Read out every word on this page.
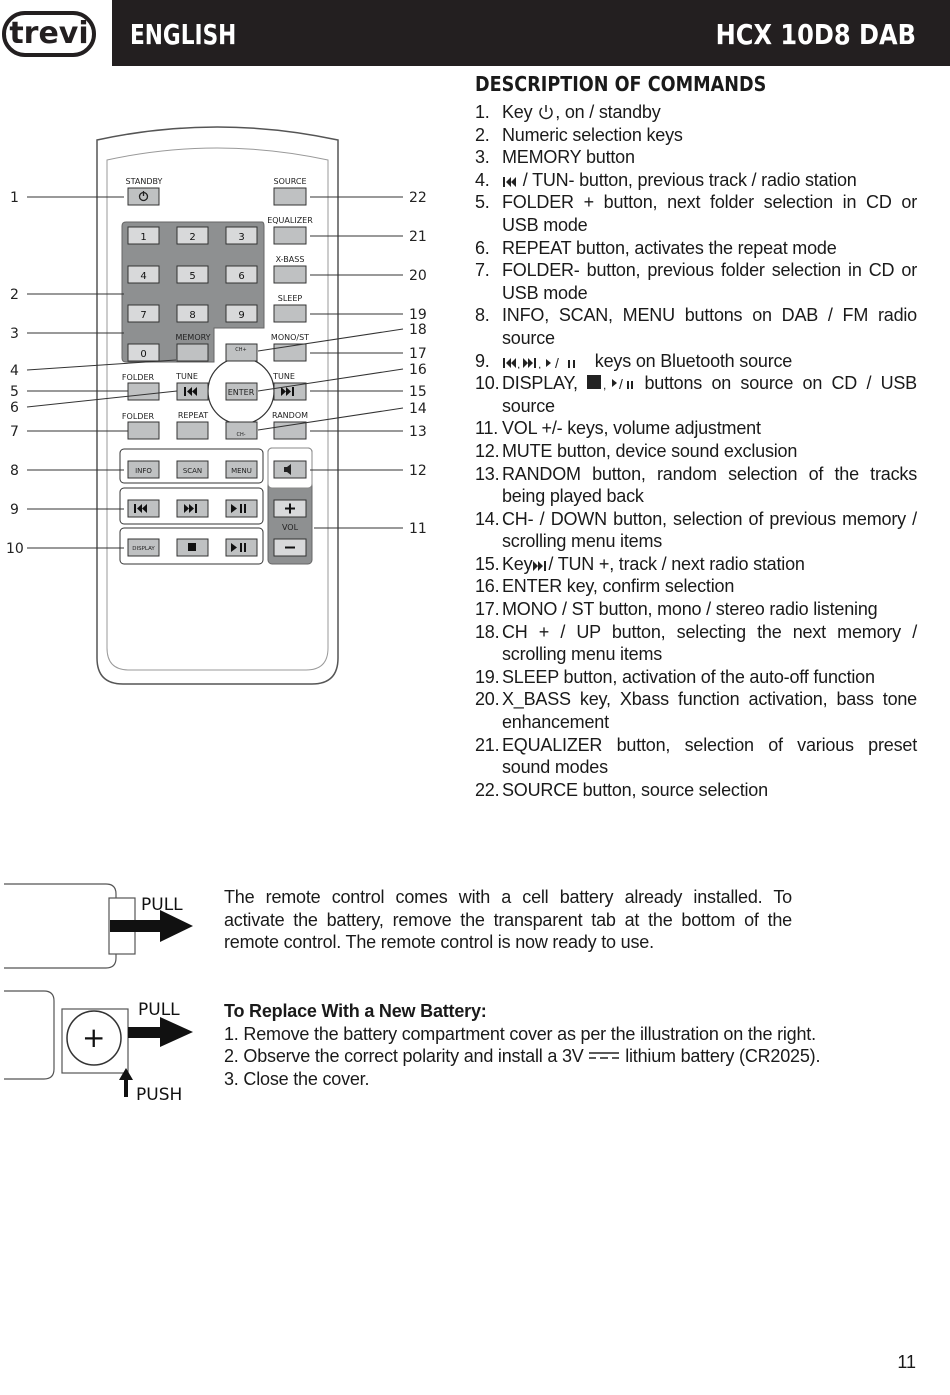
trevi ENGLISH	HCX 10D8 DAB
STANDBY	SOURCE
EQUALIZER
X-BASS
SLEEP
MEMORY	MONO/ST
FOLDER	TUNE	TUNE
FOLDER	REPEAT	RANDOM
VOL
1	2	3
4	5	6
7	8	9
0	CH+
ENTER
CH-
INFO	SCAN	MENU
DISPLAY
1
2
3
4
5
6
7
8
9
10
22
21
20
19
18
17
16
15
14
13
12
11
DESCRIPTION OF COMMANDS
1. Key , on / standby
2. Numeric selection keys
3. MEMORY button
4. / TUN- button, previous track / radio station
5. FOLDER + button, next folder selection in CD or USB mode
6. REPEAT button, activates the repeat mode
7. FOLDER- button, previous folder selection in CD or USB mode
8. INFO, SCAN, MENU buttons on DAB / FM radio source
9. , , / keys on Bluetooth source
10. DISPLAY, , / buttons on source on CD / USB source
11. VOL +/- keys, volume adjustment
12. MUTE button, device sound exclusion
13. RANDOM button, random selection of the tracks being played back
14. CH- / DOWN button, selection of previous memory / scrolling menu items
15. Key / TUN +, track / next radio station
16. ENTER key, confirm selection
17. MONO / ST button, mono / stereo radio listening
18. CH + / UP button, selecting the next memory / scrolling menu items
19. SLEEP button, activation of the auto-off function
20. X_BASS key, Xbass function activation, bass tone enhancement
21. EQUALIZER button, selection of various preset sound modes
22. SOURCE button, source selection
PULL
+
PULL
PUSH
The remote control comes with a cell battery already installed. To activate the battery, remove the transparent tab at the bottom of the remote control. The remote control is now ready to use.
To Replace With a New Battery:
1. Remove the battery compartment cover as per the illustration on the right.
2. Observe the correct polarity and install a 3V  lithium battery (CR2025).
3. Close the cover.
11
